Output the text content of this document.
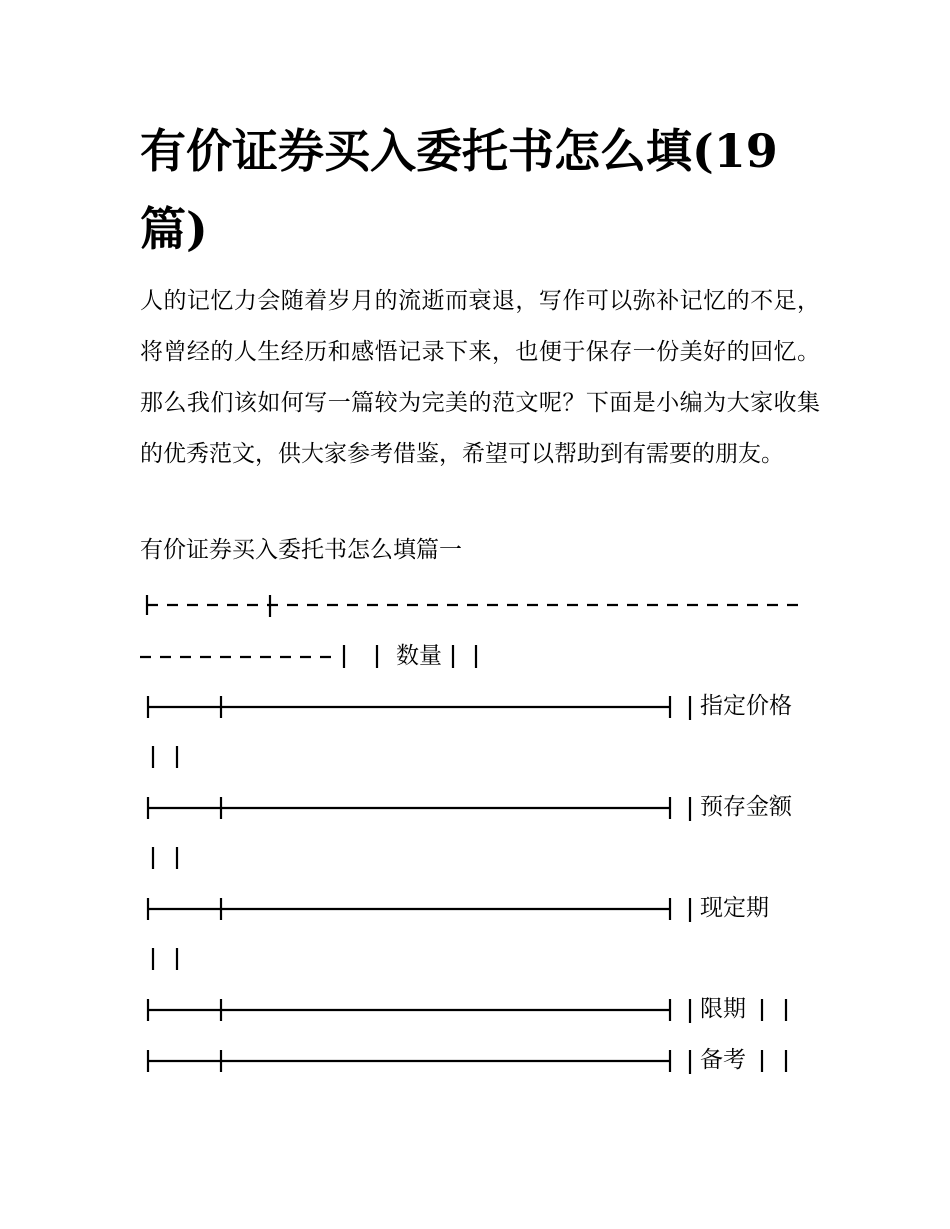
有价证券买入委托书怎么填(19篇)

人的记忆力会随着岁月的流逝而衰退，写作可以弥补记忆的不足，将曾经的人生经历和感悟记录下来，也便于保存一份美好的回忆。那么我们该如何写一篇较为完美的范文呢？下面是小编为大家收集的优秀范文，供大家参考借鉴，希望可以帮助到有需要的朋友。

有价证券买入委托书怎么填篇一

数量
指定价格
预存金额
现定期
限期
备考
